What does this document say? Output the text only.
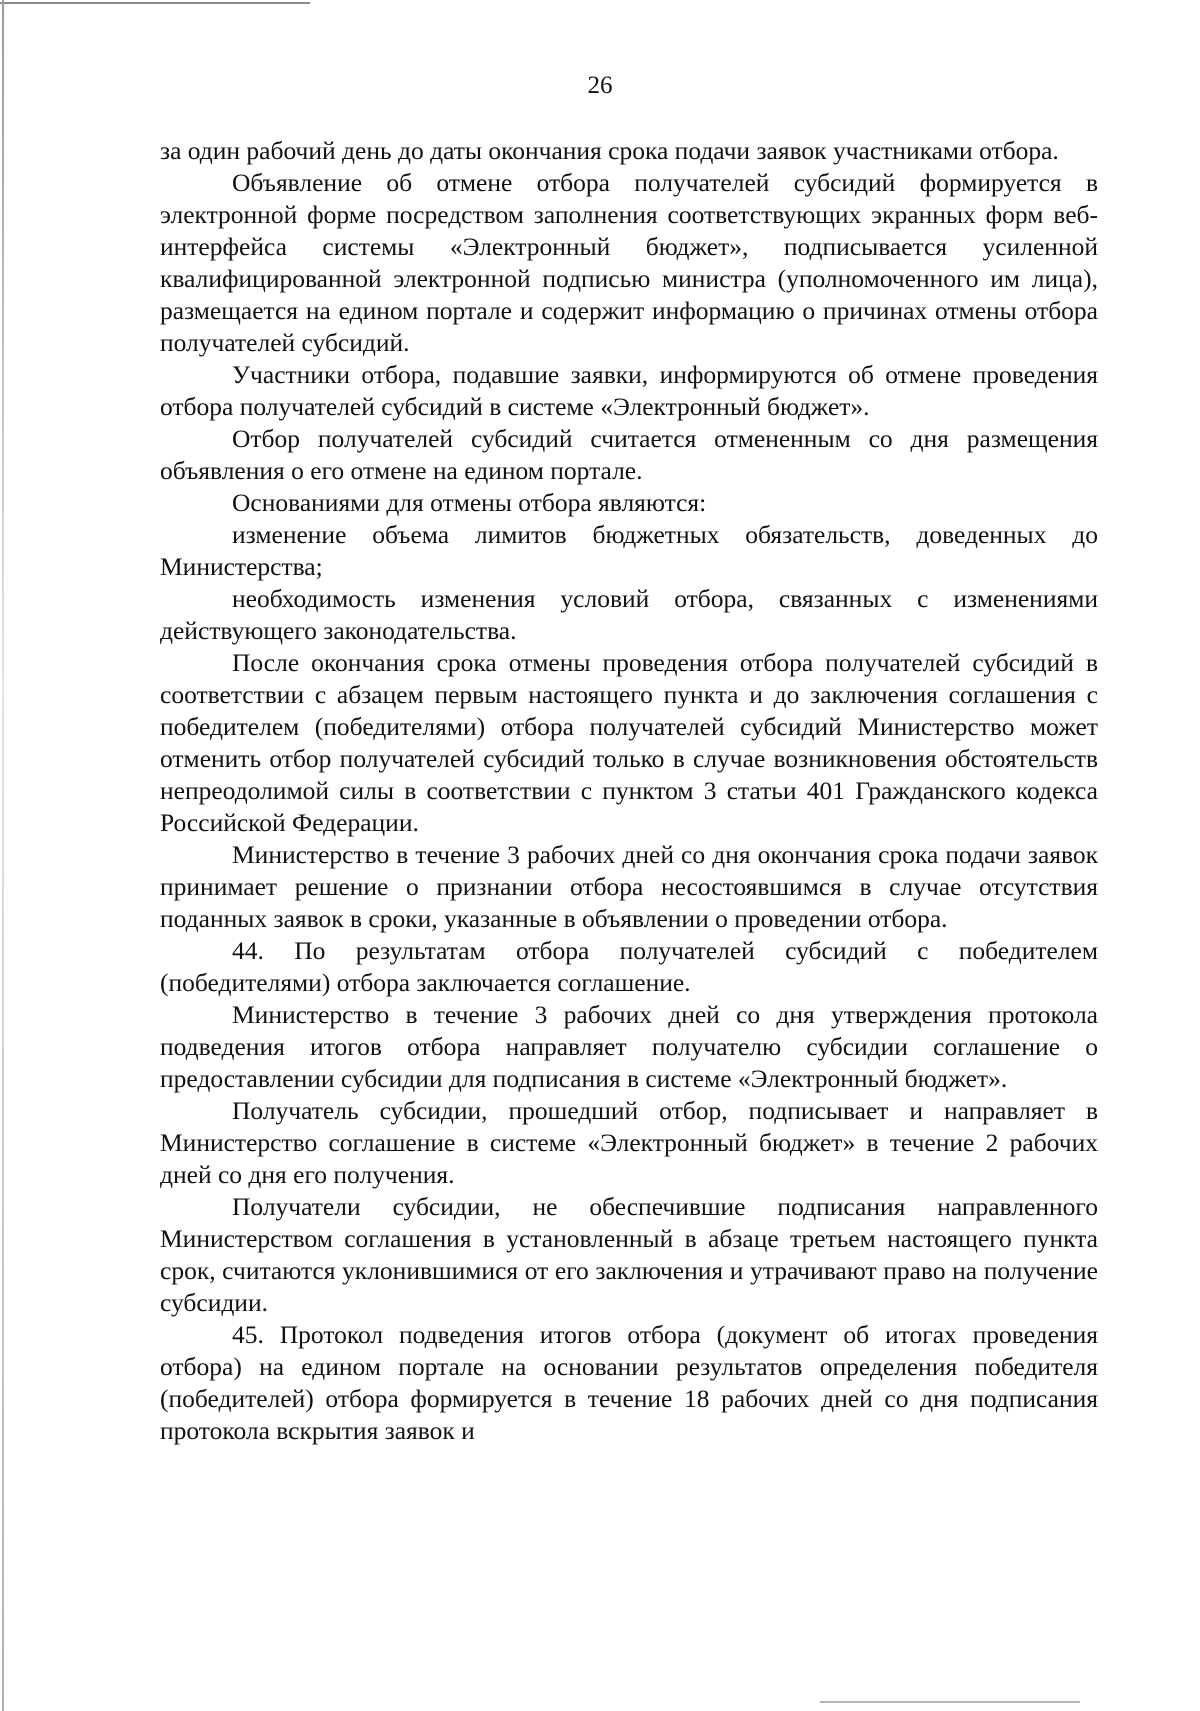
26

за один рабочий день до даты окончания срока подачи заявок участниками отбора.

Объявление об отмене отбора получателей субсидий формируется в электронной форме посредством заполнения соответствующих экранных форм веб-интерфейса системы «Электронный бюджет», подписывается усиленной квалифицированной электронной подписью министра (уполномоченного им лица), размещается на едином портале и содержит информацию о причинах отмены отбора получателей субсидий.

Участники отбора, подавшие заявки, информируются об отмене проведения отбора получателей субсидий в системе «Электронный бюджет».

Отбор получателей субсидий считается отмененным со дня размещения объявления о его отмене на едином портале.

Основаниями для отмены отбора являются:

изменение объема лимитов бюджетных обязательств, доведенных до Министерства;

необходимость изменения условий отбора, связанных с изменениями действующего законодательства.

После окончания срока отмены проведения отбора получателей субсидий в соответствии с абзацем первым настоящего пункта и до заключения соглашения с победителем (победителями) отбора получателей субсидий Министерство может отменить отбор получателей субсидий только в случае возникновения обстоятельств непреодолимой силы в соответствии с пунктом 3 статьи 401 Гражданского кодекса Российской Федерации.

Министерство в течение 3 рабочих дней со дня окончания срока подачи заявок принимает решение о признании отбора несостоявшимся в случае отсутствия поданных заявок в сроки, указанные в объявлении о проведении отбора.

44. По результатам отбора получателей субсидий с победителем (победителями) отбора заключается соглашение.

Министерство в течение 3 рабочих дней со дня утверждения протокола подведения итогов отбора направляет получателю субсидии соглашение о предоставлении субсидии для подписания в системе «Электронный бюджет».

Получатель субсидии, прошедший отбор, подписывает и направляет в Министерство соглашение в системе «Электронный бюджет» в течение 2 рабочих дней со дня его получения.

Получатели субсидии, не обеспечившие подписания направленного Министерством соглашения в установленный в абзаце третьем настоящего пункта срок, считаются уклонившимися от его заключения и утрачивают право на получение субсидии.

45. Протокол подведения итогов отбора (документ об итогах проведения отбора) на едином портале на основании результатов определения победителя (победителей) отбора формируется в течение 18 рабочих дней со дня подписания протокола вскрытия заявок и
